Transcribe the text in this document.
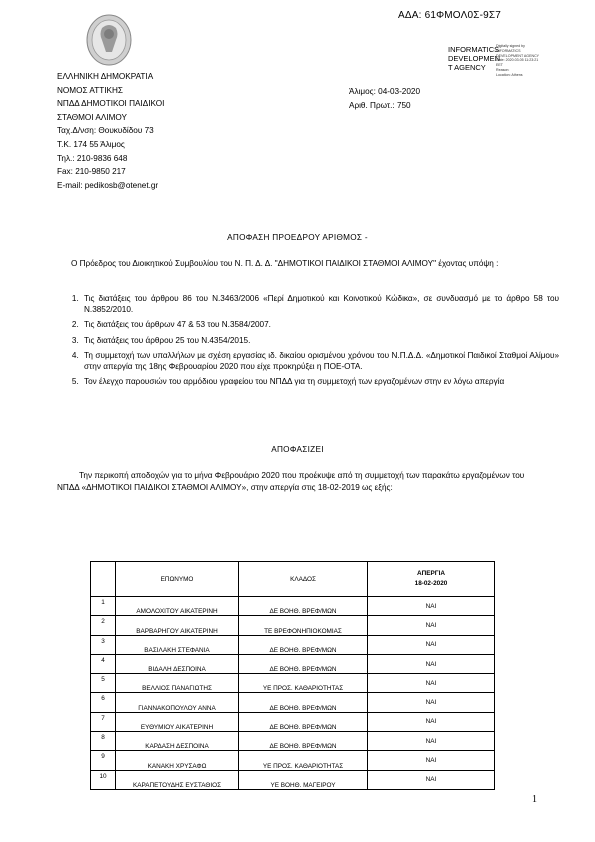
ΑΔΑ: 61ΦΜΟΛ0Σ-9Σ7
INFORMATICS DEVELOPMEN T AGENCY
Digitally signed by
INFORMATICS
DEVELOPMENT AGENCY
Date: 2020.03.05 11:23:21
EET
Reason:
Location: Athens
ΕΛΛΗΝΙΚΗ ΔΗΜΟΚΡΑΤΙΑ
ΝΟΜΟΣ ΑΤΤΙΚΗΣ
ΝΠΔΔ ΔΗΜΟΤΙΚΟΙ ΠΑΙΔΙΚΟΙ
ΣΤΑΘΜΟΙ ΑΛΙΜΟΥ
Ταχ.Δ/νση: Θουκυδίδου 73
Τ.Κ. 174 55 Άλιμος
Τηλ.: 210-9836 648
Fax: 210-9850 217
E-mail: pedikosb@otenet.gr
Άλιμος: 04-03-2020
Αριθ. Πρωτ.: 750
ΑΠΟΦΑΣΗ ΠΡΟΕΔΡΟΥ ΑΡΙΘΜΟΣ -
Ο Πρόεδρος του Διοικητικού Συμβουλίου του Ν. Π. Δ. Δ. "ΔΗΜΟΤΙΚΟΙ ΠΑΙΔΙΚΟΙ ΣΤΑΘΜΟΙ ΑΛΙΜΟΥ" έχοντας υπόψη :
1. Τις διατάξεις του άρθρου 86 του Ν.3463/2006 «Περί Δημοτικού και Κοινοτικού Κώδικα», σε συνδυασμό με το άρθρο 58 του Ν.3852/2010.
2. Τις διατάξεις του άρθρων 47 & 53 του Ν.3584/2007.
3. Τις διατάξεις του άρθρου 25 του Ν.4354/2015.
4. Τη συμμετοχή των υπαλλήλων με σχέση εργασίας ιδ. δικαίου ορισμένου χρόνου του Ν.Π.Δ.Δ. «Δημοτικοί Παιδικοί Σταθμοί Αλίμου» στην απεργία της 18ης Φεβρουαρίου 2020 που είχε προκηρύξει η ΠΟΕ-ΟΤΑ.
5. Τον έλεγχο παρουσιών του αρμόδιου γραφείου του ΝΠΔΔ για τη συμμετοχή των εργαζομένων στην εν λόγω απεργία
ΑΠΟΦΑΣΙΖΕΙ
Την περικοπή αποδοχών για το μήνα Φεβρουάριο 2020 που προέκυψε από τη συμμετοχή των παρακάτω εργαζομένων του ΝΠΔΔ «ΔΗΜΟΤΙΚΟΙ ΠΑΙΔΙΚΟΙ ΣΤΑΘΜΟΙ ΑΛΙΜΟΥ», στην απεργία στις 18-02-2019 ως εξής:
	ΕΠΩΝΥΜΟ	ΚΛΑΔΟΣ	ΑΠΕΡΓΙΑ
18-02-2020

1	ΑΜΟΛΟΧΙΤΟΥ ΑΙΚΑΤΕΡΙΝΗ	ΔΕ ΒΟΗΘ. ΒΡΕΦ/ΜΩΝ	ΝΑΙ
2	ΒΑΡΒΑΡΗΓΟΥ ΑΙΚΑΤΕΡΙΝΗ	ΤΕ ΒΡΕΦΟΝΗΠΙΟΚΟΜΙΑΣ	ΝΑΙ
3	ΒΑΣΙΛΑΚΗ ΣΤΕΦΑΝΙΑ	ΔΕ ΒΟΗΘ. ΒΡΕΦ/ΜΩΝ	ΝΑΙ
4	ΒΙΔΑΛΗ ΔΕΣΠΟΙΝΑ	ΔΕ ΒΟΗΘ. ΒΡΕΦ/ΜΩΝ	ΝΑΙ
5	ΒΕΛΛΙΟΣ ΠΑΝΑΓΙΩΤΗΣ	ΥΕ ΠΡΟΣ. ΚΑΘΑΡΙΟΤΗΤΑΣ	ΝΑΙ
6	ΓΙΑΝΝΑΚΟΠΟΥΛΟΥ ΑΝΝΑ	ΔΕ ΒΟΗΘ. ΒΡΕΦ/ΜΩΝ	ΝΑΙ
7	ΕΥΘΥΜΙΟΥ ΑΙΚΑΤΕΡΙΝΗ	ΔΕ ΒΟΗΘ. ΒΡΕΦ/ΜΩΝ	ΝΑΙ
8	ΚΑΡΔΑΣΗ ΔΕΣΠΟΙΝΑ	ΔΕ ΒΟΗΘ. ΒΡΕΦ/ΜΩΝ	ΝΑΙ
9	ΚΑΝΑΚΗ ΧΡΥΣΑΦΩ	ΥΕ ΠΡΟΣ. ΚΑΘΑΡΙΟΤΗΤΑΣ	ΝΑΙ
10	ΚΑΡΑΠΕΤΟΥΔΗΣ ΕΥΣΤΑΘΙΟΣ	ΥΕ ΒΟΗΘ. ΜΑΓΕΙΡΟΥ	ΝΑΙ
1
